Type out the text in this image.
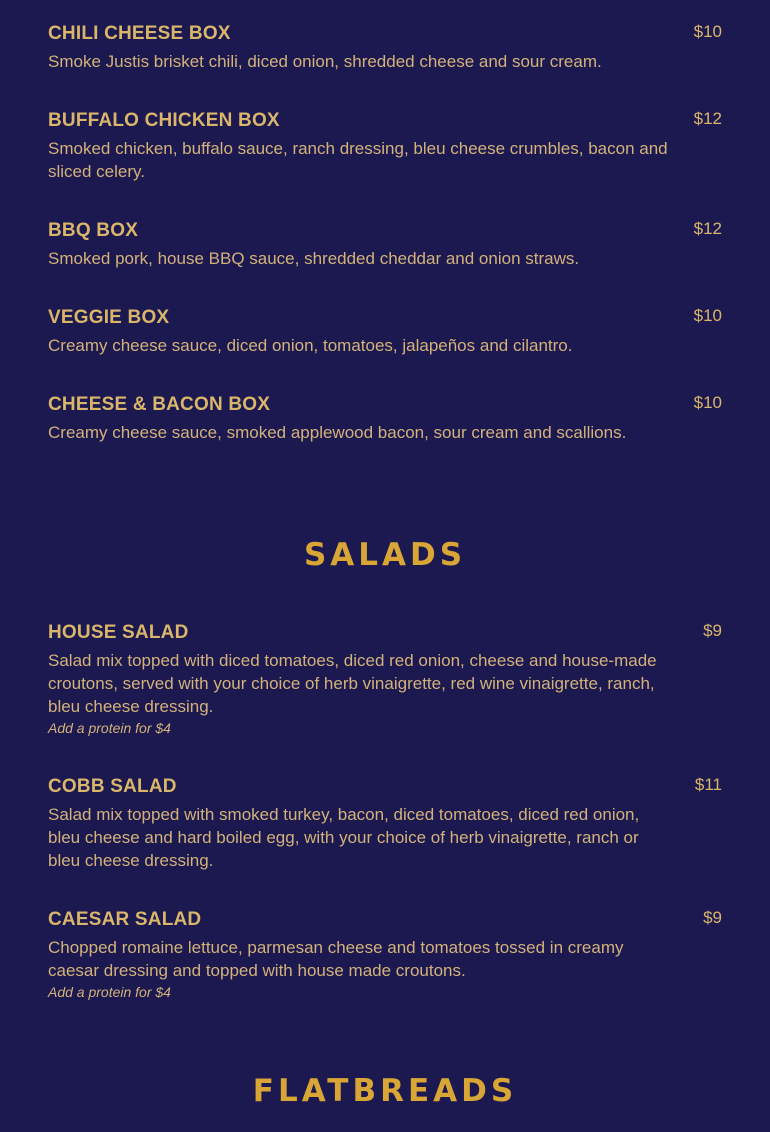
CHILI CHEESE BOX	$10
Smoke Justis brisket chili, diced onion, shredded cheese and sour cream.
BUFFALO CHICKEN BOX	$12
Smoked chicken, buffalo sauce, ranch dressing, bleu cheese crumbles, bacon and sliced celery.
BBQ BOX	$12
Smoked pork, house BBQ sauce, shredded cheddar and onion straws.
VEGGIE BOX	$10
Creamy cheese sauce, diced onion, tomatoes, jalapeños and cilantro.
CHEESE & BACON BOX	$10
Creamy cheese sauce, smoked applewood bacon, sour cream and scallions.
SALADS
HOUSE SALAD	$9
Salad mix topped with diced tomatoes, diced red onion, cheese and house-made croutons, served with your choice of herb vinaigrette, red wine vinaigrette, ranch, bleu cheese dressing.
Add a protein for $4
COBB SALAD	$11
Salad mix topped with smoked turkey, bacon, diced tomatoes, diced red onion, bleu cheese and hard boiled egg, with your choice of herb vinaigrette, ranch or bleu cheese dressing.
CAESAR SALAD	$9
Chopped romaine lettuce, parmesan cheese and tomatoes tossed in creamy caesar dressing and topped with house made croutons.
Add a protein for $4
FLATBREADS
